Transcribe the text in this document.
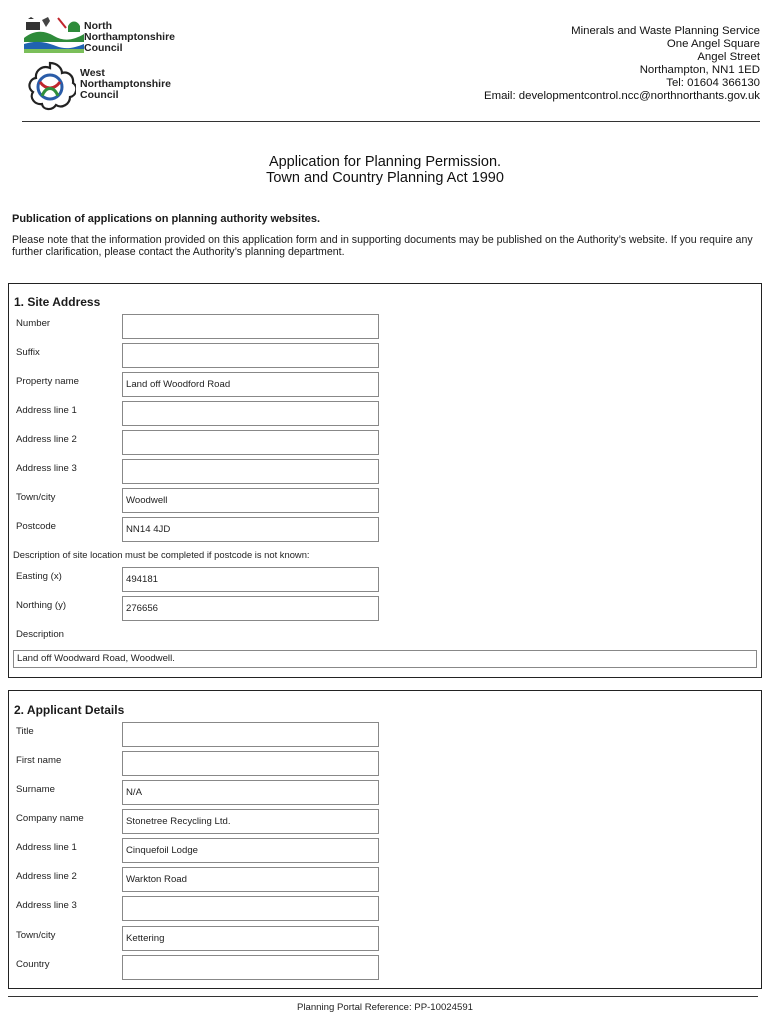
North
Northamptonshire
Council
West
Northamptonshire
Council
Minerals and Waste Planning Service
One Angel Square
Angel Street
Northampton, NN1 1ED
Tel: 01604 366130
Email: developmentcontrol.ncc@northnorthants.gov.uk
Application for Planning Permission.
Town and Country Planning Act 1990
Publication of applications on planning authority websites.
Please note that the information provided on this application form and in supporting documents may be published on the Authority’s website. If you require any further clarification, please contact the Authority’s planning department.
1. Site Address
Number
Suffix
Property name	Land off Woodford Road
Address line 1
Address line 2
Address line 3
Town/city	Woodwell
Postcode	NN14 4JD
Description of site location must be completed if postcode is not known:
Easting (x)	494181
Northing (y)	276656
Description
Land off Woodward Road, Woodwell.
2. Applicant Details
Title
First name
Surname	N/A
Company name	Stonetree Recycling Ltd.
Address line 1	Cinquefoil Lodge
Address line 2	Warkton Road
Address line 3
Town/city	Kettering
Country
Planning Portal Reference: PP-10024591
